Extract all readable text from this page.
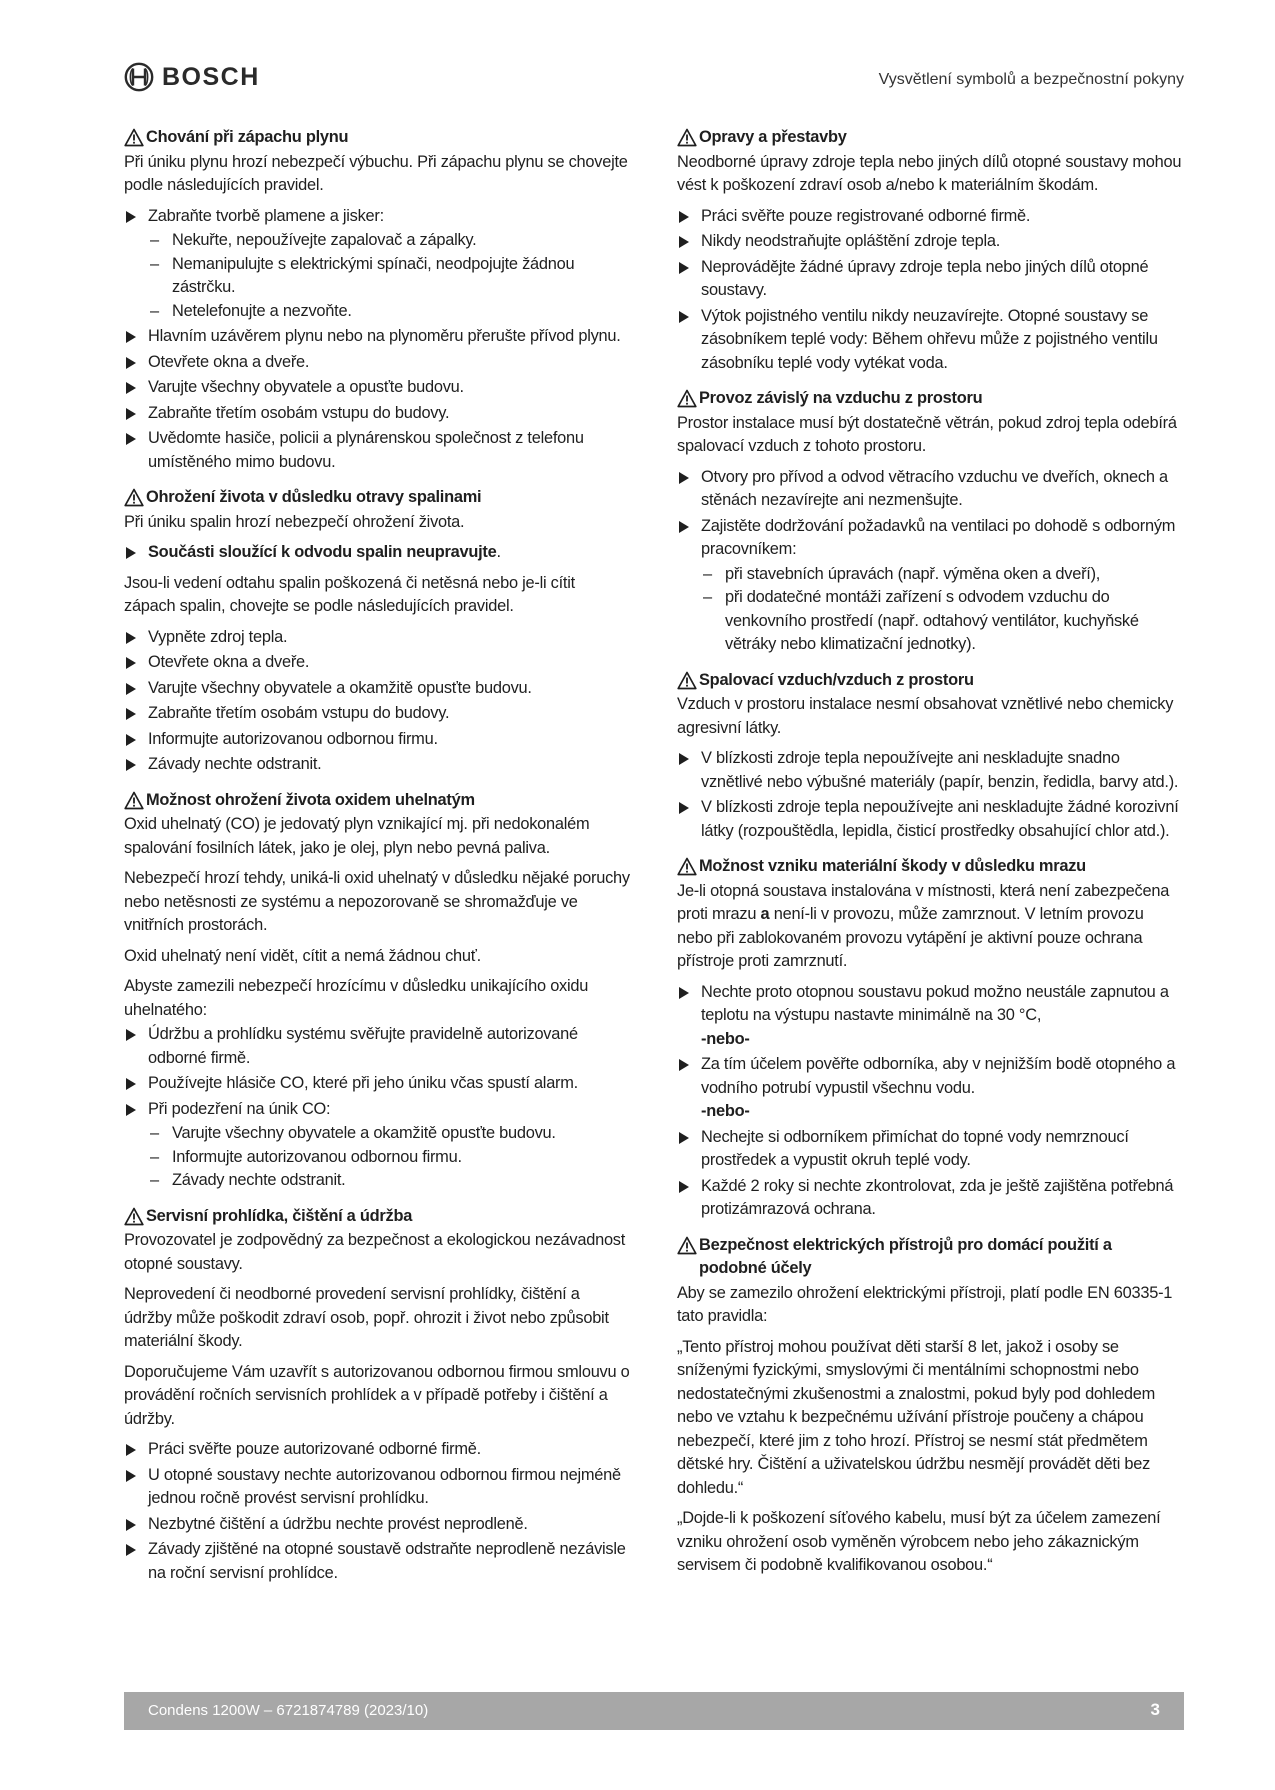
BOSCH	Vysvětlení symbolů a bezpečnostní pokyny
Chování při zápachu plynu

Při úniku plynu hrozí nebezpečí výbuchu. Při zápachu plynu se chovejte podle následujících pravidel.

Zabraňte tvorbě plamene a jisker:
– Nekuřte, nepoužívejte zapalovač a zápalky.
– Nemanipulujte s elektrickými spínači, neodpojujte žádnou zástrčku.
– Netelefonujte a nezvoňte.
Hlavním uzávěrem plynu nebo na plynoměru přerušte přívod plynu.
Otevřete okna a dveře.
Varujte všechny obyvatele a opusťte budovu.
Zabraňte třetím osobám vstupu do budovy.
Uvědomte hasiče, policii a plynárenskou společnost z telefonu umístěného mimo budovu.
Ohrožení života v důsledku otravy spalinami

Při úniku spalin hrozí nebezpečí ohrožení života.

Součásti sloužící k odvodu spalin neupravujte.

Jsou-li vedení odtahu spalin poškozená či netěsná nebo je-li cítit zápach spalin, chovejte se podle následujících pravidel.

Vypněte zdroj tepla.
Otevřete okna a dveře.
Varujte všechny obyvatele a okamžitě opusťte budovu.
Zabraňte třetím osobám vstupu do budovy.
Informujte autorizovanou odbornou firmu.
Závady nechte odstranit.
Možnost ohrožení života oxidem uhelnatým

Oxid uhelnatý (CO) je jedovatý plyn vznikající mj. při nedokonalém spalování fosilních látek, jako je olej, plyn nebo pevná paliva.

Nebezpečí hrozí tehdy, uniká-li oxid uhelnatý v důsledku nějaké poruchy nebo netěsnosti ze systému a nepozorovaně se shromažďuje ve vnitřních prostorách.

Oxid uhelnatý není vidět, cítit a nemá žádnou chuť.

Abyste zamezili nebezpečí hrozícímu v důsledku unikajícího oxidu uhelnatého:

Údržbu a prohlídku systému svěřujte pravidelně autorizované odborné firmě.
Používejte hlásiče CO, které při jeho úniku včas spustí alarm.
Při podezření na únik CO:
– Varujte všechny obyvatele a okamžitě opusťte budovu.
– Informujte autorizovanou odbornou firmu.
– Závady nechte odstranit.
Servisní prohlídka, čištění a údržba

Provozovatel je zodpovědný za bezpečnost a ekologickou nezávadnost otopné soustavy.

Neprovedení či neodborné provedení servisní prohlídky, čištění a údržby může poškodit zdraví osob, popř. ohrozit i život nebo způsobit materiální škody.

Doporučujeme Vám uzavřít s autorizovanou odbornou firmou smlouvu o provádění ročních servisních prohlídek a v případě potřeby i čištění a údržby.

Práci svěřte pouze autorizované odborné firmě.
U otopné soustavy nechte autorizovanou odbornou firmou nejméně jednou ročně provést servisní prohlídku.
Nezbytné čištění a údržbu nechte provést neprodleně.
Závady zjištěné na otopné soustavě odstraňte neprodleně nezávisle na roční servisní prohlídce.
Opravy a přestavby

Neodborné úpravy zdroje tepla nebo jiných dílů otopné soustavy mohou vést k poškození zdraví osob a/nebo k materiálním škodám.

Práci svěřte pouze registrované odborné firmě.
Nikdy neodstraňujte opláštění zdroje tepla.
Neprovádějte žádné úpravy zdroje tepla nebo jiných dílů otopné soustavy.
Výtok pojistného ventilu nikdy neuzavírejte. Otopné soustavy se zásobníkem teplé vody: Během ohřevu může z pojistného ventilu zásobníku teplé vody vytékat voda.
Provoz závislý na vzduchu z prostoru

Prostor instalace musí být dostatečně větrán, pokud zdroj tepla odebírá spalovací vzduch z tohoto prostoru.

Otvory pro přívod a odvod větracího vzduchu ve dveřích, oknech a stěnách nezavírejte ani nezmenšujte.
Zajistěte dodržování požadavků na ventilaci po dohodě s odborným pracovníkem:
– při stavebních úpravách (např. výměna oken a dveří),
– při dodatečné montáži zařízení s odvodem vzduchu do venkovního prostředí (např. odtahový ventilátor, kuchyňské větráky nebo klimatizační jednotky).
Spalovací vzduch/vzduch z prostoru

Vzduch v prostoru instalace nesmí obsahovat vznětlivé nebo chemicky agresivní látky.

V blízkosti zdroje tepla nepoužívejte ani neskladujte snadno vznětlivé nebo výbušné materiály (papír, benzin, ředidla, barvy atd.).
V blízkosti zdroje tepla nepoužívejte ani neskladujte žádné korozivní látky (rozpouštědla, lepidla, čisticí prostředky obsahující chlor atd.).
Možnost vzniku materiální škody v důsledku mrazu

Je-li otopná soustava instalována v místnosti, která není zabezpečena proti mrazu a není-li v provozu, může zamrznout. V letním provozu nebo při zablokovaném provozu vytápění je aktivní pouze ochrana přístroje proti zamrznutí.

Nechte proto otopnou soustavu pokud možno neustále zapnutou a teplotu na výstupu nastavte minimálně na 30 °C,
-nebo-
Za tím účelem pověřte odborníka, aby v nejnižším bodě otopného a vodního potrubí vypustil všechnu vodu.
-nebo-
Nechejte si odborníkem přimíchat do topné vody nemrznoucí prostředek a vypustit okruh teplé vody.
Každé 2 roky si nechte zkontrolovat, zda je ještě zajištěna potřebná protizámrazová ochrana.
Bezpečnost elektrických přístrojů pro domácí použití a podobné účely

Aby se zamezilo ohrožení elektrickými přístroji, platí podle EN 60335-1 tato pravidla:

„Tento přístroj mohou používat děti starší 8 let, jakož i osoby se sníženými fyzickými, smyslovými či mentálními schopnostmi nebo nedostatečnými zkušenostmi a znalostmi, pokud byly pod dohledem nebo ve vztahu k bezpečnému užívání přístroje poučeny a chápou nebezpečí, které jim z toho hrozí. Přístroj se nesmí stát předmětem dětské hry. Čištění a uživatelskou údržbu nesmějí provádět děti bez dohledu.“

„Dojde-li k poškození síťového kabelu, musí být za účelem zamezení vzniku ohrožení osob vyměněn výrobcem nebo jeho zákaznickým servisem či podobně kvalifikovanou osobou.“

Condens 1200W – 6721874789 (2023/10)	3
